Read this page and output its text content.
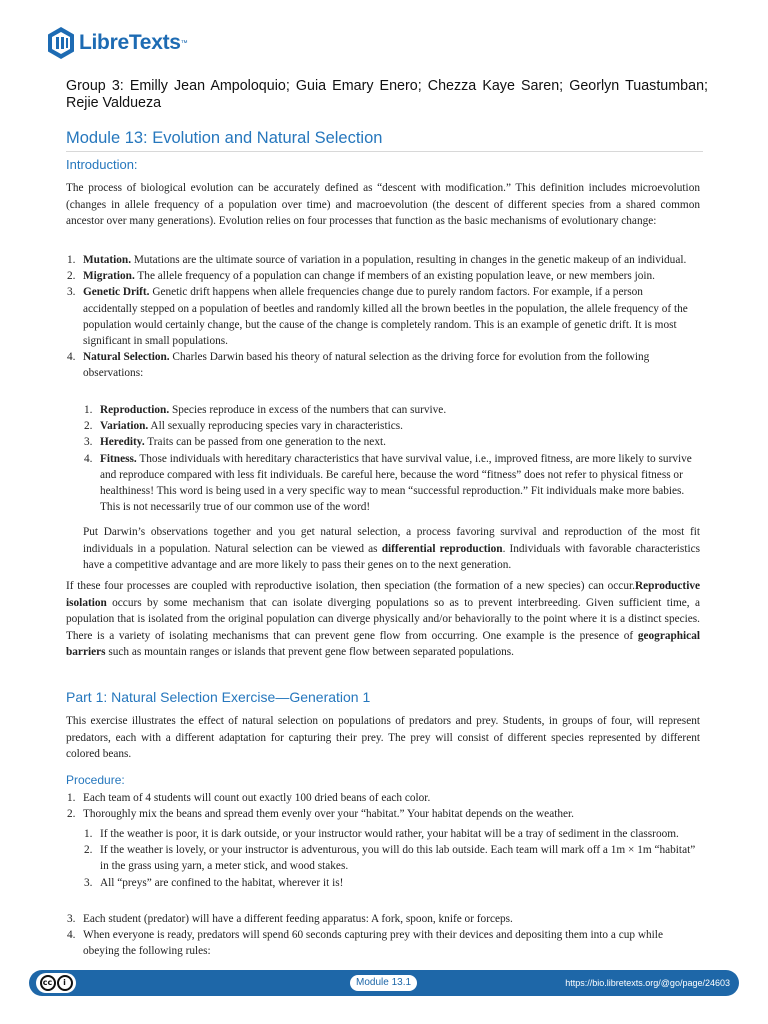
LibreTexts ™
Group 3: Emilly Jean Ampoloquio; Guia Emary Enero; Chezza Kaye Saren; Georlyn Tuastumban; Rejie Valdueza
Module 13: Evolution and Natural Selection
Introduction:

The process of biological evolution can be accurately defined as “descent with modification.” This definition includes microevolution (changes in allele frequency of a population over time) and macroevolution (the descent of different species from a shared common ancestor over many generations). Evolution relies on four processes that function as the basic mechanisms of evolutionary change:

1. Mutation. Mutations are the ultimate source of variation in a population, resulting in changes in the genetic makeup of an individual.
2. Migration. The allele frequency of a population can change if members of an existing population leave, or new members join.
3. Genetic Drift. Genetic drift happens when allele frequencies change due to purely random factors. For example, if a person accidentally stepped on a population of beetles and randomly killed all the brown beetles in the population, the allele frequency of the population would certainly change, but the cause of the change is completely random. This is an example of genetic drift. It is most significant in small populations.
4. Natural Selection. Charles Darwin based his theory of natural selection as the driving force for evolution from the following observations:
1. Reproduction. Species reproduce in excess of the numbers that can survive.
2. Variation. All sexually reproducing species vary in characteristics.
3. Heredity. Traits can be passed from one generation to the next.
4. Fitness. Those individuals with hereditary characteristics that have survival value, i.e., improved fitness, are more likely to survive and reproduce compared with less fit individuals. Be careful here, because the word “fitness” does not refer to physical fitness or healthiness! This word is being used in a very specific way to mean “successful reproduction.” Fit individuals make more babies. This is not necessarily true of our common use of the word!

Put Darwin’s observations together and you get natural selection, a process favoring survival and reproduction of the most fit individuals in a population. Natural selection can be viewed as differential reproduction. Individuals with favorable characteristics have a competitive advantage and are more likely to pass their genes on to the next generation.

If these four processes are coupled with reproductive isolation, then speciation (the formation of a new species) can occur.Reproductive isolation occurs by some mechanism that can isolate diverging populations so as to prevent interbreeding. Given sufficient time, a population that is isolated from the original population can diverge physically and/or behaviorally to the point where it is a distinct species. There is a variety of isolating mechanisms that can prevent gene flow from occurring. One example is the presence of geographical barriers such as mountain ranges or islands that prevent gene flow between separated populations.

Part 1: Natural Selection Exercise—Generation 1

This exercise illustrates the effect of natural selection on populations of predators and prey. Students, in groups of four, will represent predators, each with a different adaptation for capturing their prey. The prey will consist of different species represented by different colored beans.

Procedure:
1. Each team of 4 students will count out exactly 100 dried beans of each color.
2. Thoroughly mix the beans and spread them evenly over your “habitat.” Your habitat depends on the weather.
1. If the weather is poor, it is dark outside, or your instructor would rather, your habitat will be a tray of sediment in the classroom.
2. If the weather is lovely, or your instructor is adventurous, you will do this lab outside. Each team will mark off a 1m × 1m “habitat” in the grass using yarn, a meter stick, and wood stakes.
3. All “preys” are confined to the habitat, wherever it is!
3. Each student (predator) will have a different feeding apparatus: A fork, spoon, knife or forceps.
4. When everyone is ready, predators will spend 60 seconds capturing prey with their devices and depositing them into a cup while obeying the following rules:
cc	i	Module 13.1	https://bio.libretexts.org/@go/page/24603
